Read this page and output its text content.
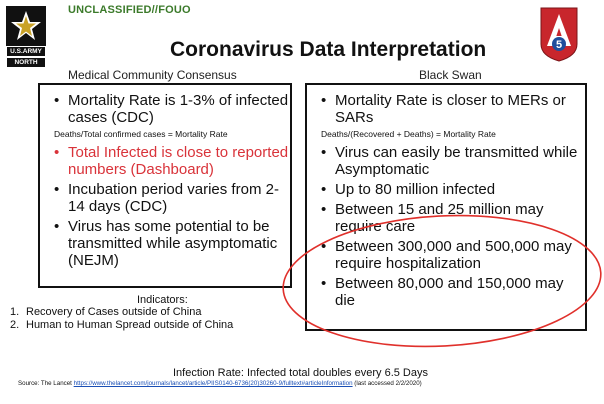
UNCLASSIFIED//FOUO
U.S.ARMY
NORTH
Coronavirus Data Interpretation	5
Medical Community Consensus	Black Swan
• Mortality Rate is 1-3% of infected cases (CDC)
Deaths/Total confirmed cases = Mortality Rate
• Total Infected is close to reported numbers (Dashboard)
• Incubation period varies from 2-14 days (CDC)
• Virus has some potential to be transmitted while asymptomatic (NEJM)
• Mortality Rate is closer to MERs or SARs
Deaths/(Recovered + Deaths) = Mortality Rate
• Virus can easily be transmitted while Asymptomatic
• Up to 80 million infected
• Between 15 and 25 million may require care
• Between 300,000 and 500,000 may require hospitalization
• Between 80,000 and 150,000 may die
Indicators:
1. Recovery of Cases outside of China
2. Human to Human Spread outside of China
Infection Rate: Infected total doubles every 6.5 Days
Source: The Lancet https://www.thelancet.com/journals/lancet/article/PIIS0140-6736(20)30260-9/fulltext#articleInformation (last accessed 2/2/2020)
